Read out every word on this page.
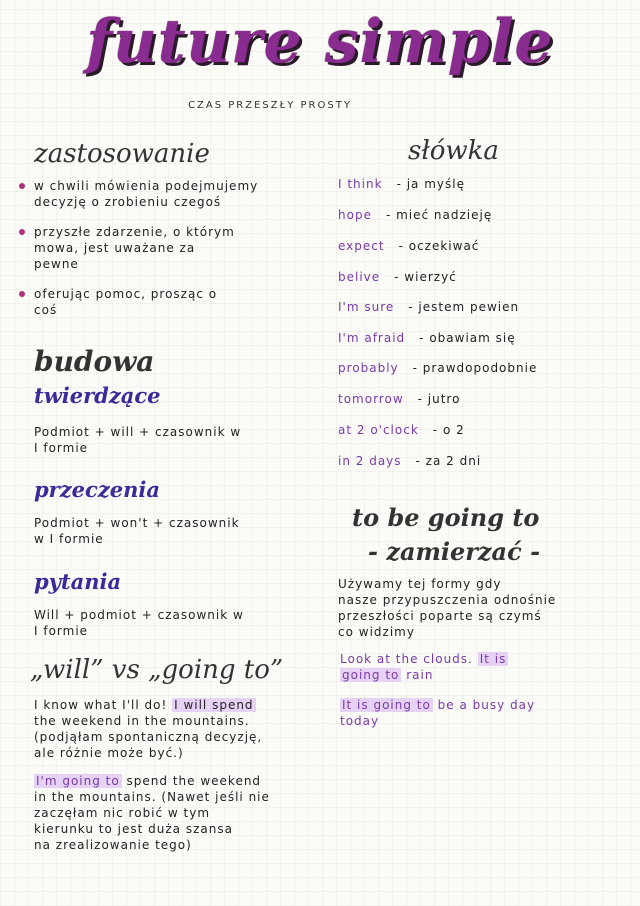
future simple
CZAS PRZESZŁY PROSTY
zastosowanie
w chwili mówienia podejmujemy
decyzję o zrobieniu czegoś
przyszłe zdarzenie, o którym
mowa, jest uważane za
pewne
oferując pomoc, prosząc o
coś
budowa
twierdzące
Podmiot + will + czasownik w
I formie
przeczenia
Podmiot + won't + czasownik
w I formie
pytania
Will + podmiot + czasownik w
I formie
„will” vs „going to”
I know what I'll do! I will spend
the weekend in the mountains.
(podjąłam spontaniczną decyzję,
ale różnie może być.)
I'm going to spend the weekend
in the mountains. (Nawet jeśli nie
zaczęłam nic robić w tym
kierunku to jest duża szansa
na zrealizowanie tego)
słówka
I think - ja myślę
hope - mieć nadzieję
expect - oczekiwać
belive - wierzyć
I'm sure - jestem pewien
I'm afraid - obawiam się
probably - prawdopodobnie
tomorrow - jutro
at 2 o'clock - o 2
in 2 days - za 2 dni
to be going to
- zamierzać -
Używamy tej formy gdy
nasze przypuszczenia odnośnie
przeszłości poparte są czymś
co widzimy
Look at the clouds. It is
going to rain
It is going to be a busy day
today
